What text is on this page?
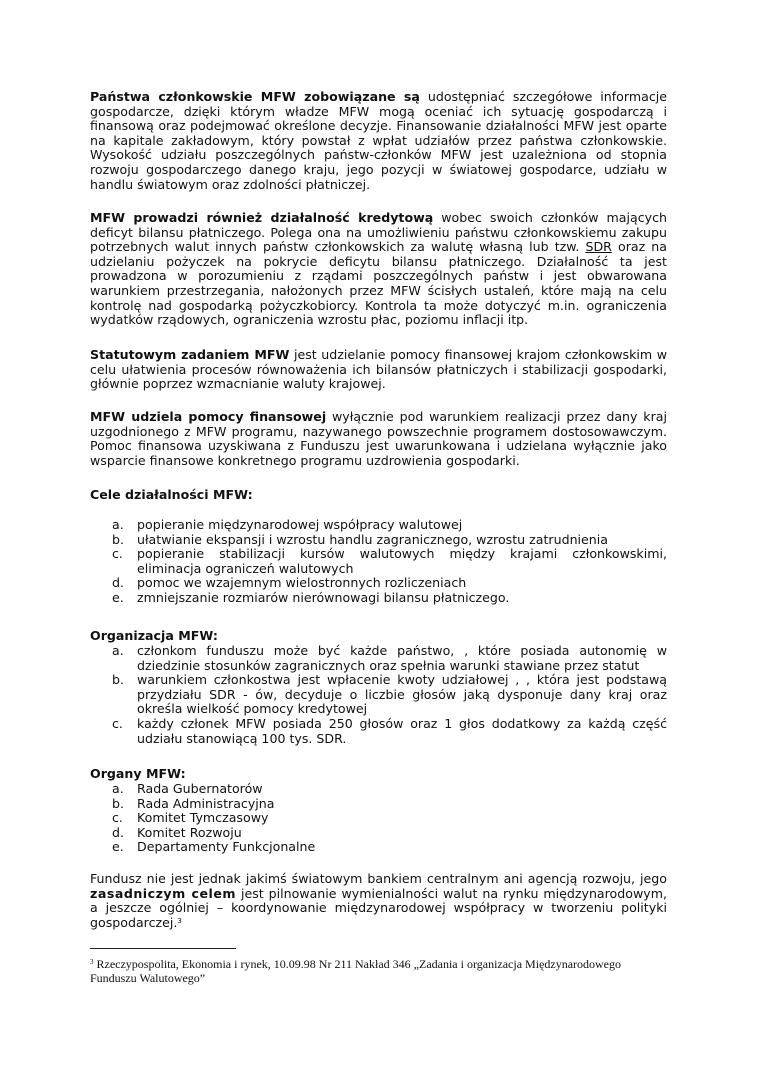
Państwa członkowskie MFW zobowiązane są udostępniać szczegółowe informacje gospodarcze, dzięki którym władze MFW mogą oceniać ich sytuację gospodarczą i finansową oraz podejmować określone decyzje. Finansowanie działalności MFW jest oparte na kapitale zakładowym, który powstał z wpłat udziałów przez państwa członkowskie. Wysokość udziału poszczególnych państw-członków MFW jest uzależniona od stopnia rozwoju gospodarczego danego kraju, jego pozycji w światowej gospodarce, udziału w handlu światowym oraz zdolności płatniczej.
MFW prowadzi również działalność kredytową wobec swoich członków mających deficyt bilansu płatniczego. Polega ona na umożliwieniu państwu członkowskiemu zakupu potrzebnych walut innych państw członkowskich za walutę własną lub tzw. SDR oraz na udzielaniu pożyczek na pokrycie deficytu bilansu płatniczego. Działalność ta jest prowadzona w porozumieniu z rządami poszczególnych państw i jest obwarowana warunkiem przestrzegania, nałożonych przez MFW ścisłych ustaleń, które mają na celu kontrolę nad gospodarką pożyczkobiorcy. Kontrola ta może dotyczyć m.in. ograniczenia wydatków rządowych, ograniczenia wzrostu płac, poziomu inflacji itp.
Statutowym zadaniem MFW jest udzielanie pomocy finansowej krajom członkowskim w celu ułatwienia procesów równoważenia ich bilansów płatniczych i stabilizacji gospodarki, głównie poprzez wzmacnianie waluty krajowej.
MFW udziela pomocy finansowej wyłącznie pod warunkiem realizacji przez dany kraj uzgodnionego z MFW programu, nazywanego powszechnie programem dostosowawczym. Pomoc finansowa uzyskiwana z Funduszu jest uwarunkowana i udzielana wyłącznie jako wsparcie finansowe konkretnego programu uzdrowienia gospodarki.
Cele działalności MFW:
a. popieranie międzynarodowej współpracy walutowej
b. ułatwianie ekspansji i wzrostu handlu zagranicznego, wzrostu zatrudnienia
c. popieranie stabilizacji kursów walutowych między krajami członkowskimi, eliminacja ograniczeń walutowych
d. pomoc we wzajemnym wielostronnych rozliczeniach
e. zmniejszanie rozmiarów nierównowagi bilansu płatniczego.
Organizacja MFW:
a. członkom funduszu może być każde państwo, , które posiada autonomię w dziedzinie stosunków zagranicznych oraz spełnia warunki stawiane przez statut
b. warunkiem członkostwa jest wpłacenie kwoty udziałowej , , która jest podstawą przydziału SDR - ów, decyduje o liczbie głosów jaką dysponuje dany kraj oraz określa wielkość pomocy kredytowej
c. każdy członek MFW posiada 250 głosów oraz 1 głos dodatkowy za każdą część udziału stanowiącą 100 tys. SDR.
Organy MFW:
a. Rada Gubernatorów
b. Rada Administracyjna
c. Komitet Tymczasowy
d. Komitet Rozwoju
e. Departamenty Funkcjonalne
Fundusz nie jest jednak jakimś światowym bankiem centralnym ani agencją rozwoju, jego zasadniczym celem jest pilnowanie wymienialności walut na rynku międzynarodowym, a jeszcze ogólniej – koordynowanie międzynarodowej współpracy w tworzeniu polityki gospodarczej.$^3$
$^3$ Rzeczypospolita, Ekonomia i rynek, 10.09.98 Nr 211 Nakład 346 „Zadania i organizacja Międzynarodowego Funduszu Walutowego”
